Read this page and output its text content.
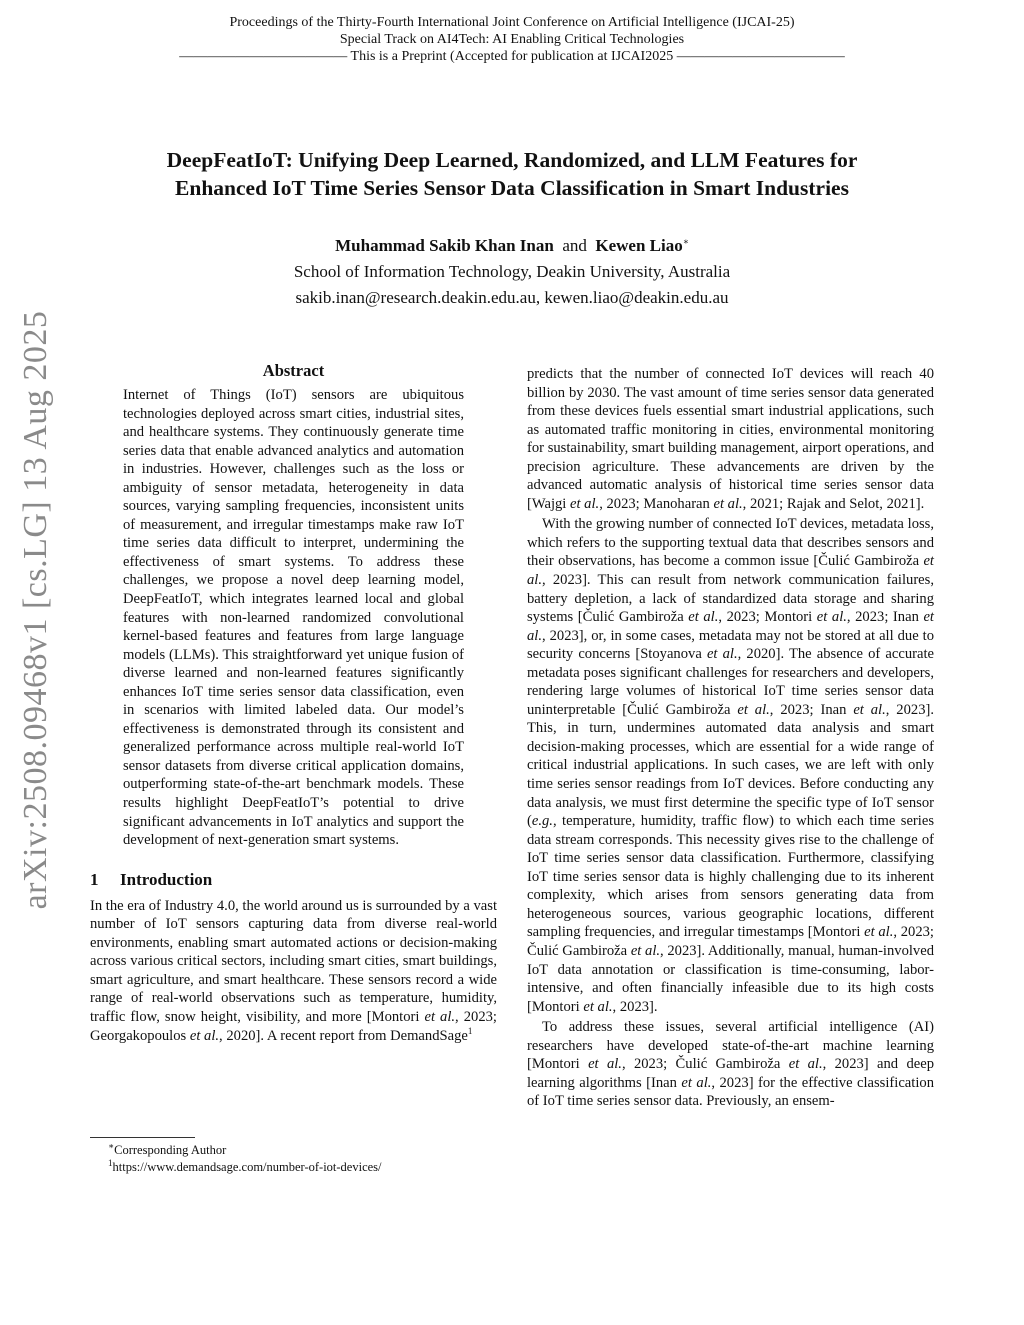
Proceedings of the Thirty-Fourth International Joint Conference on Artificial Intelligence (IJCAI-25)
Special Track on AI4Tech: AI Enabling Critical Technologies
———————————— This is a Preprint (Accepted for publication at IJCAI2025 ————————————
DeepFeatIoT: Unifying Deep Learned, Randomized, and LLM Features for
Enhanced IoT Time Series Sensor Data Classification in Smart Industries
Muhammad Sakib Khan Inan and Kewen Liao∗
School of Information Technology, Deakin University, Australia
sakib.inan@research.deakin.edu.au, kewen.liao@deakin.edu.au
arXiv:2508.09468v1 [cs.LG] 13 Aug 2025	Abstract

Internet of Things (IoT) sensors are ubiquitous technologies deployed across smart cities, industrial sites, and healthcare systems. They continuously generate time series data that enable advanced analytics and automation in industries. However, challenges such as the loss or ambiguity of sensor metadata, heterogeneity in data sources, varying sampling frequencies, inconsistent units of measurement, and irregular timestamps make raw IoT time series data difficult to interpret, undermining the effectiveness of smart systems. To address these challenges, we propose a novel deep learning model, DeepFeatIoT, which integrates learned local and global features with non-learned randomized convolutional kernel-based features and features from large language models (LLMs). This straightforward yet unique fusion of diverse learned and non-learned features significantly enhances IoT time series sensor data classification, even in scenarios with limited labeled data. Our model’s effectiveness is demonstrated through its consistent and generalized performance across multiple real-world IoT sensor datasets from diverse critical application domains, outperforming state-of-the-art benchmark models. These results highlight DeepFeatIoT’s potential to drive significant advancements in IoT analytics and support the development of next-generation smart systems.

1 Introduction

In the era of Industry 4.0, the world around us is surrounded by a vast number of IoT sensors capturing data from diverse real-world environments, enabling smart automated actions or decision-making across various critical sectors, including smart cities, smart buildings, smart agriculture, and smart healthcare. These sensors record a wide range of real-world observations such as temperature, humidity, traffic flow, snow height, visibility, and more [Montori et al., 2023; Georgakopoulos et al., 2020]. A recent report from DemandSage$^1$

predicts that the number of connected IoT devices will reach 40 billion by 2030. The vast amount of time series sensor data generated from these devices fuels essential smart industrial applications, such as automated traffic monitoring in cities, environmental monitoring for sustainability, smart building management, airport operations, and precision agriculture. These advancements are driven by the advanced automatic analysis of historical time series sensor data [Wajgi et al., 2023; Manoharan et al., 2021; Rajak and Selot, 2021].

With the growing number of connected IoT devices, metadata loss, which refers to the supporting textual data that describes sensors and their observations, has become a common issue [Čulić Gambiroža et al., 2023]. This can result from network communication failures, battery depletion, a lack of standardized data storage and sharing systems [Čulić Gambiroža et al., 2023; Montori et al., 2023; Inan et al., 2023], or, in some cases, metadata may not be stored at all due to security concerns [Stoyanova et al., 2020]. The absence of accurate metadata poses significant challenges for researchers and developers, rendering large volumes of historical IoT time series sensor data uninterpretable [Čulić Gambiroža et al., 2023; Inan et al., 2023]. This, in turn, undermines automated data analysis and smart decision-making processes, which are essential for a wide range of critical industrial applications. In such cases, we are left with only time series sensor readings from IoT devices. Before conducting any data analysis, we must first determine the specific type of IoT sensor (e.g., temperature, humidity, traffic flow) to which each time series data stream corresponds. This necessity gives rise to the challenge of IoT time series sensor data classification. Furthermore, classifying IoT time series sensor data is highly challenging due to its inherent complexity, which arises from sensors generating data from heterogeneous sources, various geographic locations, different sampling frequencies, and irregular timestamps [Montori et al., 2023; Čulić Gambiroža et al., 2023]. Additionally, manual, human-involved IoT data annotation or classification is time-consuming, labor-intensive, and often financially infeasible due to its high costs [Montori et al., 2023].

To address these issues, several artificial intelligence (AI) researchers have developed state-of-the-art machine learning [Montori et al., 2023; Čulić Gambiroža et al., 2023] and deep learning algorithms [Inan et al., 2023] for the effective classification of IoT time series sensor data. Previously, an ensem-

∗Corresponding Author
$^1$https://www.demandsage.com/number-of-iot-devices/
